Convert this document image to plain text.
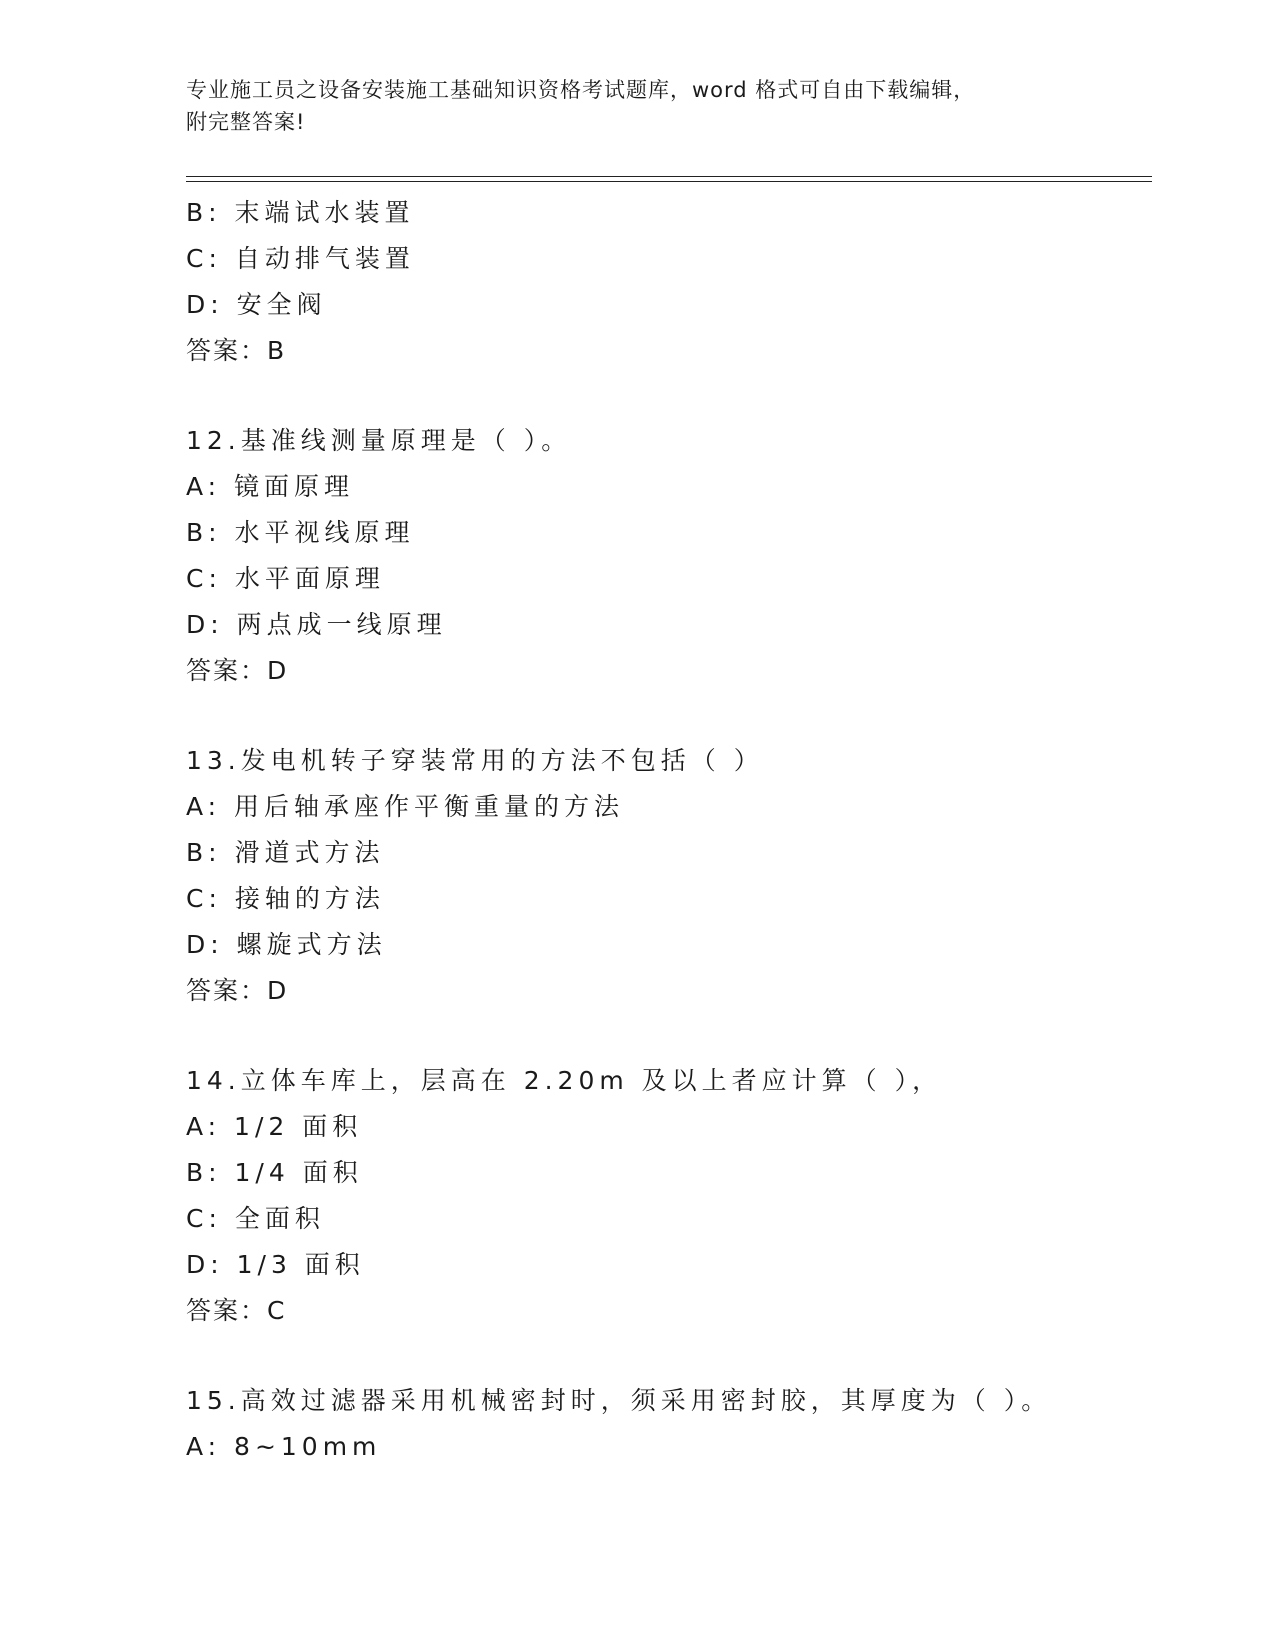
专业施工员之设备安装施工基础知识资格考试题库，word 格式可自由下载编辑，
附完整答案!
B: 末端试水装置
C: 自动排气装置
D: 安全阀
答案：B
12.基准线测量原理是（ ）。
A: 镜面原理
B: 水平视线原理
C: 水平面原理
D: 两点成一线原理
答案：D
13.发电机转子穿装常用的方法不包括（ ）
A: 用后轴承座作平衡重量的方法
B: 滑道式方法
C: 接轴的方法
D: 螺旋式方法
答案：D
14.立体车库上，层高在 2.20m 及以上者应计算（ ），
A: 1/2 面积
B: 1/4 面积
C: 全面积
D: 1/3 面积
答案：C
15.高效过滤器采用机械密封时，须采用密封胶，其厚度为（ ）。
A: 8~10mm
